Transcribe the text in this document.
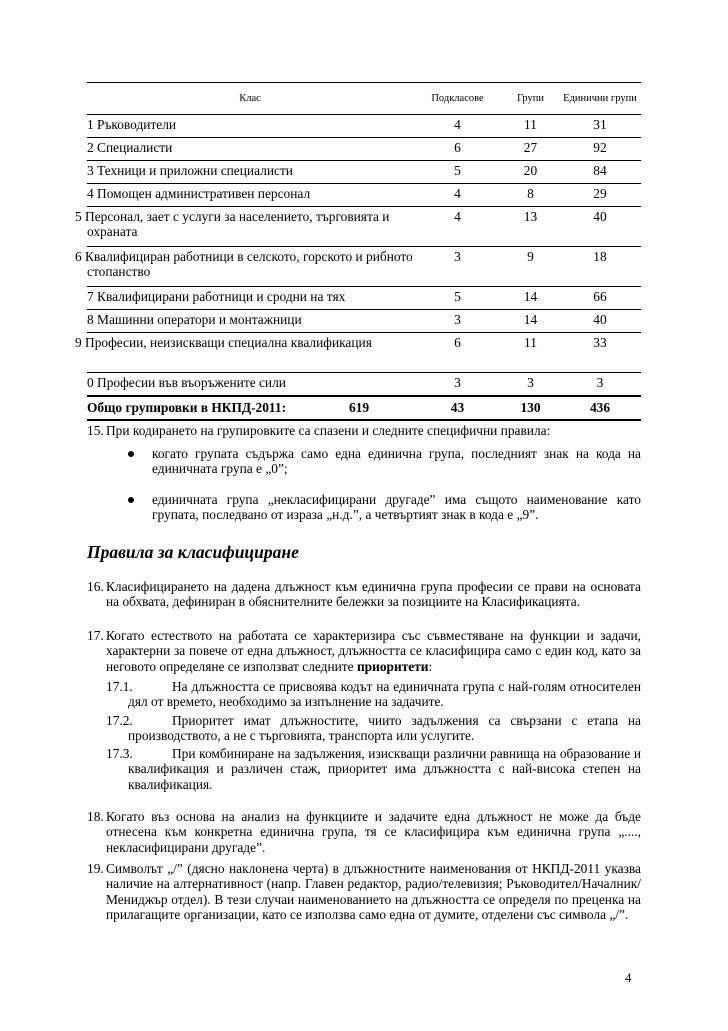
Клас	Подкласове	Групи	Единични групи
1 Ръководители	4	11	31
2 Специалисти	6	27	92
3 Техници и приложни специалисти	5	20	84
4 Помощен административен персонал	4	8	29
5 Персонал, зает с услуги за населението, търговията и охраната	4	13	40
6 Квалифициран работници в селското, горското и рибното стопанство	3	9	18
7 Квалифицирани работници и сродни на тях	5	14	66
8 Машинни оператори и монтажници	3	14	40
9 Професии, неизискващи специална квалификация	6	11	33
0 Професии във въоръжените сили	3	3	3
Общо групировки в НКПД-2011: 619	43	130	436
15. При кодирането на групировките са спазени и следните специфични правила:
когато групата съдържа само една единична група, последният знак на кода на единичната група е „0”;
единичната група „некласифицирани другаде” има същото наименование като групата, последвано от израза „н.д.”, а четвъртият знак в кода е „9”.
Правила за класифициране
16. Класифицирането на дадена длъжност към единична група професии се прави на основата на обхвата, дефиниран в обяснителните бележки за позициите на Класификацията.
17. Когато естеството на работата се характеризира със съвместяване на функции и задачи, характерни за повече от една длъжност, длъжността се класифицира само с един код, като за неговото определяне се използват следните приоритети:
17.1.	На длъжността се присвоява кодът на единичната група с най-голям относителен дял от времето, необходимо за изпълнение на задачите.
17.2.	Приоритет имат длъжностите, чиито задължения са свързани с етапа на производството, а не с търговията, транспорта или услугите.
17.3.	При комбиниране на задължения, изискващи различни равнища на образование и квалификация и различен стаж, приоритет има длъжността с най-висока степен на квалификация.
18. Когато въз основа на анализ на функциите и задачите една длъжност не може да бъде отнесена към конкретна единична група, тя се класифицира към единична група „...., некласифицирани другаде”.
19. Символът „/” (дясно наклонена черта) в длъжностните наименования от НКПД-2011 указва наличие на алтернативност (напр. Главен редактор, радио/телевизия; Ръководител/Началник/Мениджър отдел). В тези случаи наименованието на длъжността се определя по преценка на прилагащите организации, като се използва само една от думите, отделени със символа „/”.
4
